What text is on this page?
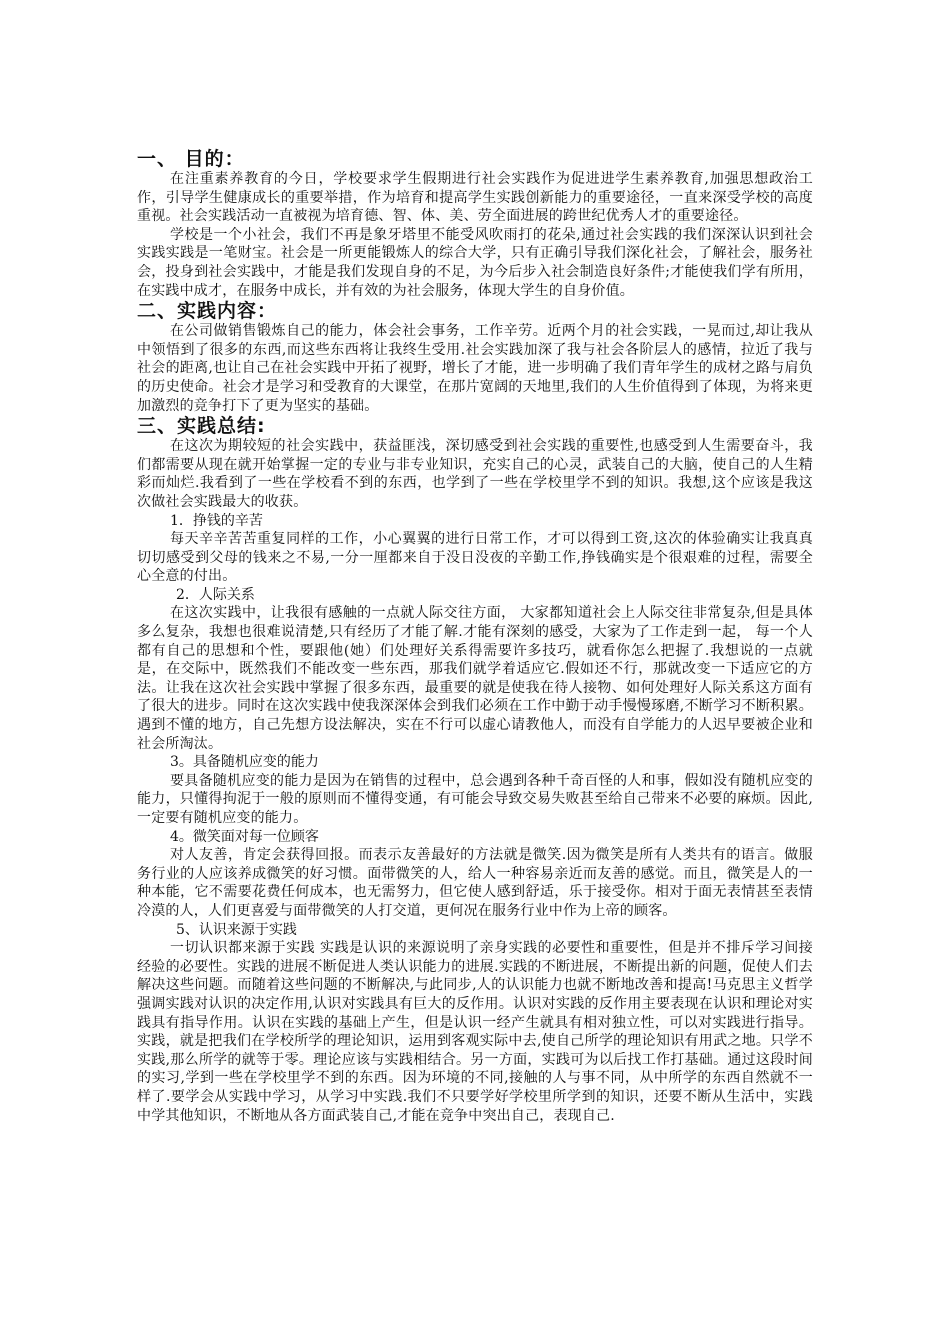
一、 目的：

在注重素养教育的今日，学校要求学生假期进行社会实践作为促进进学生素养教育,加强思想政治工作，引导学生健康成长的重要举措，作为培育和提高学生实践创新能力的重要途径，一直来深受学校的高度重视。社会实践活动一直被视为培育德、智、体、美、劳全面进展的跨世纪优秀人才的重要途径。

学校是一个小社会，我们不再是象牙塔里不能受风吹雨打的花朵,通过社会实践的我们深深认识到社会实践实践是一笔财宝。社会是一所更能锻炼人的综合大学，只有正确引导我们深化社会，了解社会，服务社会，投身到社会实践中，才能是我们发现自身的不足，为今后步入社会制造良好条件;才能使我们学有所用，在实践中成才，在服务中成长，并有效的为社会服务，体现大学生的自身价值。

二、实践内容：

在公司做销售锻炼自己的能力，体会社会事务，工作辛劳。近两个月的社会实践，一晃而过,却让我从中领悟到了很多的东西,而这些东西将让我终生受用.社会实践加深了我与社会各阶层人的感情，拉近了我与社会的距离,也让自己在社会实践中开拓了视野，增长了才能，进一步明确了我们青年学生的成材之路与肩负的历史使命。社会才是学习和受教育的大课堂，在那片宽阔的天地里,我们的人生价值得到了体现，为将来更加激烈的竞争打下了更为坚实的基础。

三、实践总结:

在这次为期较短的社会实践中，获益匪浅，深切感受到社会实践的重要性,也感受到人生需要奋斗，我们都需要从现在就开始掌握一定的专业与非专业知识，充实自己的心灵，武装自己的大脑，使自己的人生精彩而灿烂.我看到了一些在学校看不到的东西，也学到了一些在学校里学不到的知识。我想,这个应该是我这次做社会实践最大的收获。

1．挣钱的辛苦

每天辛辛苦苦重复同样的工作，小心翼翼的进行日常工作，才可以得到工资,这次的体验确实让我真真切切感受到父母的钱来之不易,一分一厘都来自于没日没夜的辛勤工作,挣钱确实是个很艰难的过程，需要全心全意的付出。

2．人际关系

在这次实践中，让我很有感触的一点就人际交往方面， 大家都知道社会上人际交往非常复杂,但是具体多么复杂，我想也很难说清楚,只有经历了才能了解.才能有深刻的感受，大家为了工作走到一起， 每一个人都有自己的思想和个性，要跟他(她）们处理好关系得需要许多技巧，就看你怎么把握了.我想说的一点就是，在交际中，既然我们不能改变一些东西，那我们就学着适应它.假如还不行，那就改变一下适应它的方法。让我在这次社会实践中掌握了很多东西，最重要的就是使我在待人接物、如何处理好人际关系这方面有了很大的进步。同时在这次实践中使我深深体会到我们必须在工作中勤于动手慢慢琢磨,不断学习不断积累。遇到不懂的地方，自己先想方设法解决，实在不行可以虚心请教他人，而没有自学能力的人迟早要被企业和社会所淘汰。

3。具备随机应变的能力

要具备随机应变的能力是因为在销售的过程中，总会遇到各种千奇百怪的人和事，假如没有随机应变的能力，只懂得拘泥于一般的原则而不懂得变通，有可能会导致交易失败甚至给自己带来不必要的麻烦。因此,一定要有随机应变的能力。

4。微笑面对每一位顾客

对人友善，肯定会获得回报。而表示友善最好的方法就是微笑.因为微笑是所有人类共有的语言。做服务行业的人应该养成微笑的好习惯。面带微笑的人，给人一种容易亲近而友善的感觉。而且，微笑是人的一种本能，它不需要花费任何成本，也无需努力，但它使人感到舒适，乐于接受你。相对于面无表情甚至表情冷漠的人，人们更喜爱与面带微笑的人打交道，更何况在服务行业中作为上帝的顾客。

5、认识来源于实践

一切认识都来源于实践 实践是认识的来源说明了亲身实践的必要性和重要性，但是并不排斥学习间接经验的必要性。实践的进展不断促进人类认识能力的进展.实践的不断进展，不断提出新的问题，促使人们去解决这些问题。而随着这些问题的不断解决,与此同步,人的认识能力也就不断地改善和提高!马克思主义哲学强调实践对认识的决定作用,认识对实践具有巨大的反作用。认识对实践的反作用主要表现在认识和理论对实践具有指导作用。认识在实践的基础上产生，但是认识一经产生就具有相对独立性，可以对实践进行指导。实践，就是把我们在学校所学的理论知识，运用到客观实际中去,使自己所学的理论知识有用武之地。只学不实践,那么所学的就等于零。理论应该与实践相结合。另一方面，实践可为以后找工作打基础。通过这段时间的实习,学到一些在学校里学不到的东西。因为环境的不同,接触的人与事不同，从中所学的东西自然就不一样了.要学会从实践中学习，从学习中实践.我们不只要学好学校里所学到的知识，还要不断从生活中，实践中学其他知识，不断地从各方面武装自己,才能在竞争中突出自己，表现自己.
